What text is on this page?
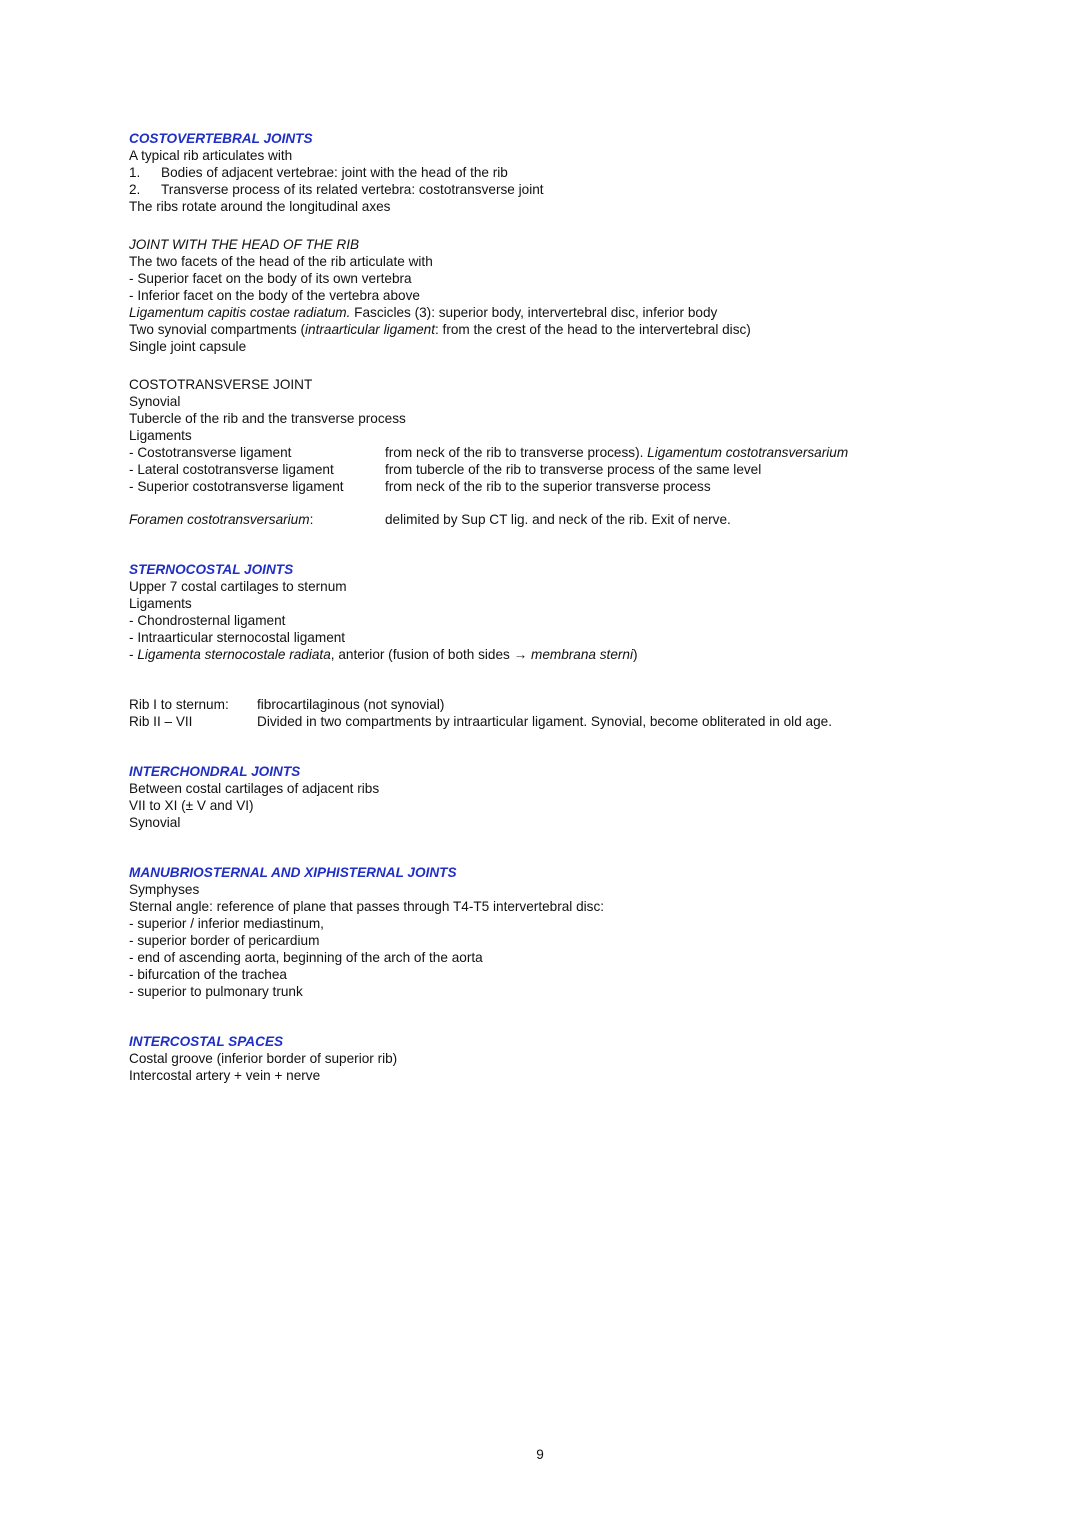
COSTOVERTEBRAL JOINTS
A typical rib articulates with
1. Bodies of adjacent vertebrae: joint with the head of the rib
2. Transverse process of its related vertebra: costotransverse joint
The ribs rotate around the longitudinal axes
JOINT WITH THE HEAD OF THE RIB
The two facets of the head of the rib articulate with
- Superior facet on the body of its own vertebra
- Inferior facet on the body of the vertebra above
Ligamentum capitis costae radiatum. Fascicles (3): superior body, intervertebral disc, inferior body
Two synovial compartments (intraarticular ligament: from the crest of the head to the intervertebral disc)
Single joint capsule
COSTOTRANSVERSE JOINT
Synovial
Tubercle of the rib and the transverse process
Ligaments
- Costotransverse ligament	from neck of the rib to transverse process). Ligamentum costotransversarium
- Lateral costotransverse ligament	from tubercle of the rib to transverse process of the same level
- Superior costotransverse ligament	from neck of the rib to the superior transverse process
Foramen costotransversarium:	delimited by Sup CT lig. and neck of the rib. Exit of nerve.
STERNOCOSTAL JOINTS
Upper 7 costal cartilages to sternum
Ligaments
- Chondrosternal ligament
- Intraarticular sternocostal ligament
- Ligamenta sternocostale radiata, anterior (fusion of both sides → membrana sterni)
Rib I to sternum:	fibrocartilaginous (not synovial)
Rib II – VII	Divided in two compartments by intraarticular ligament. Synovial, become obliterated in old age.
INTERCHONDRAL JOINTS
Between costal cartilages of adjacent ribs
VII to XI (± V and VI)
Synovial
MANUBRIOSTERNAL AND XIPHISTERNAL JOINTS
Symphyses
Sternal angle: reference of plane that passes through T4-T5 intervertebral disc:
- superior / inferior mediastinum,
- superior border of pericardium
- end of ascending aorta, beginning of the arch of the aorta
- bifurcation of the trachea
- superior to pulmonary trunk
INTERCOSTAL SPACES
Costal groove (inferior border of superior rib)
Intercostal artery + vein + nerve
9
